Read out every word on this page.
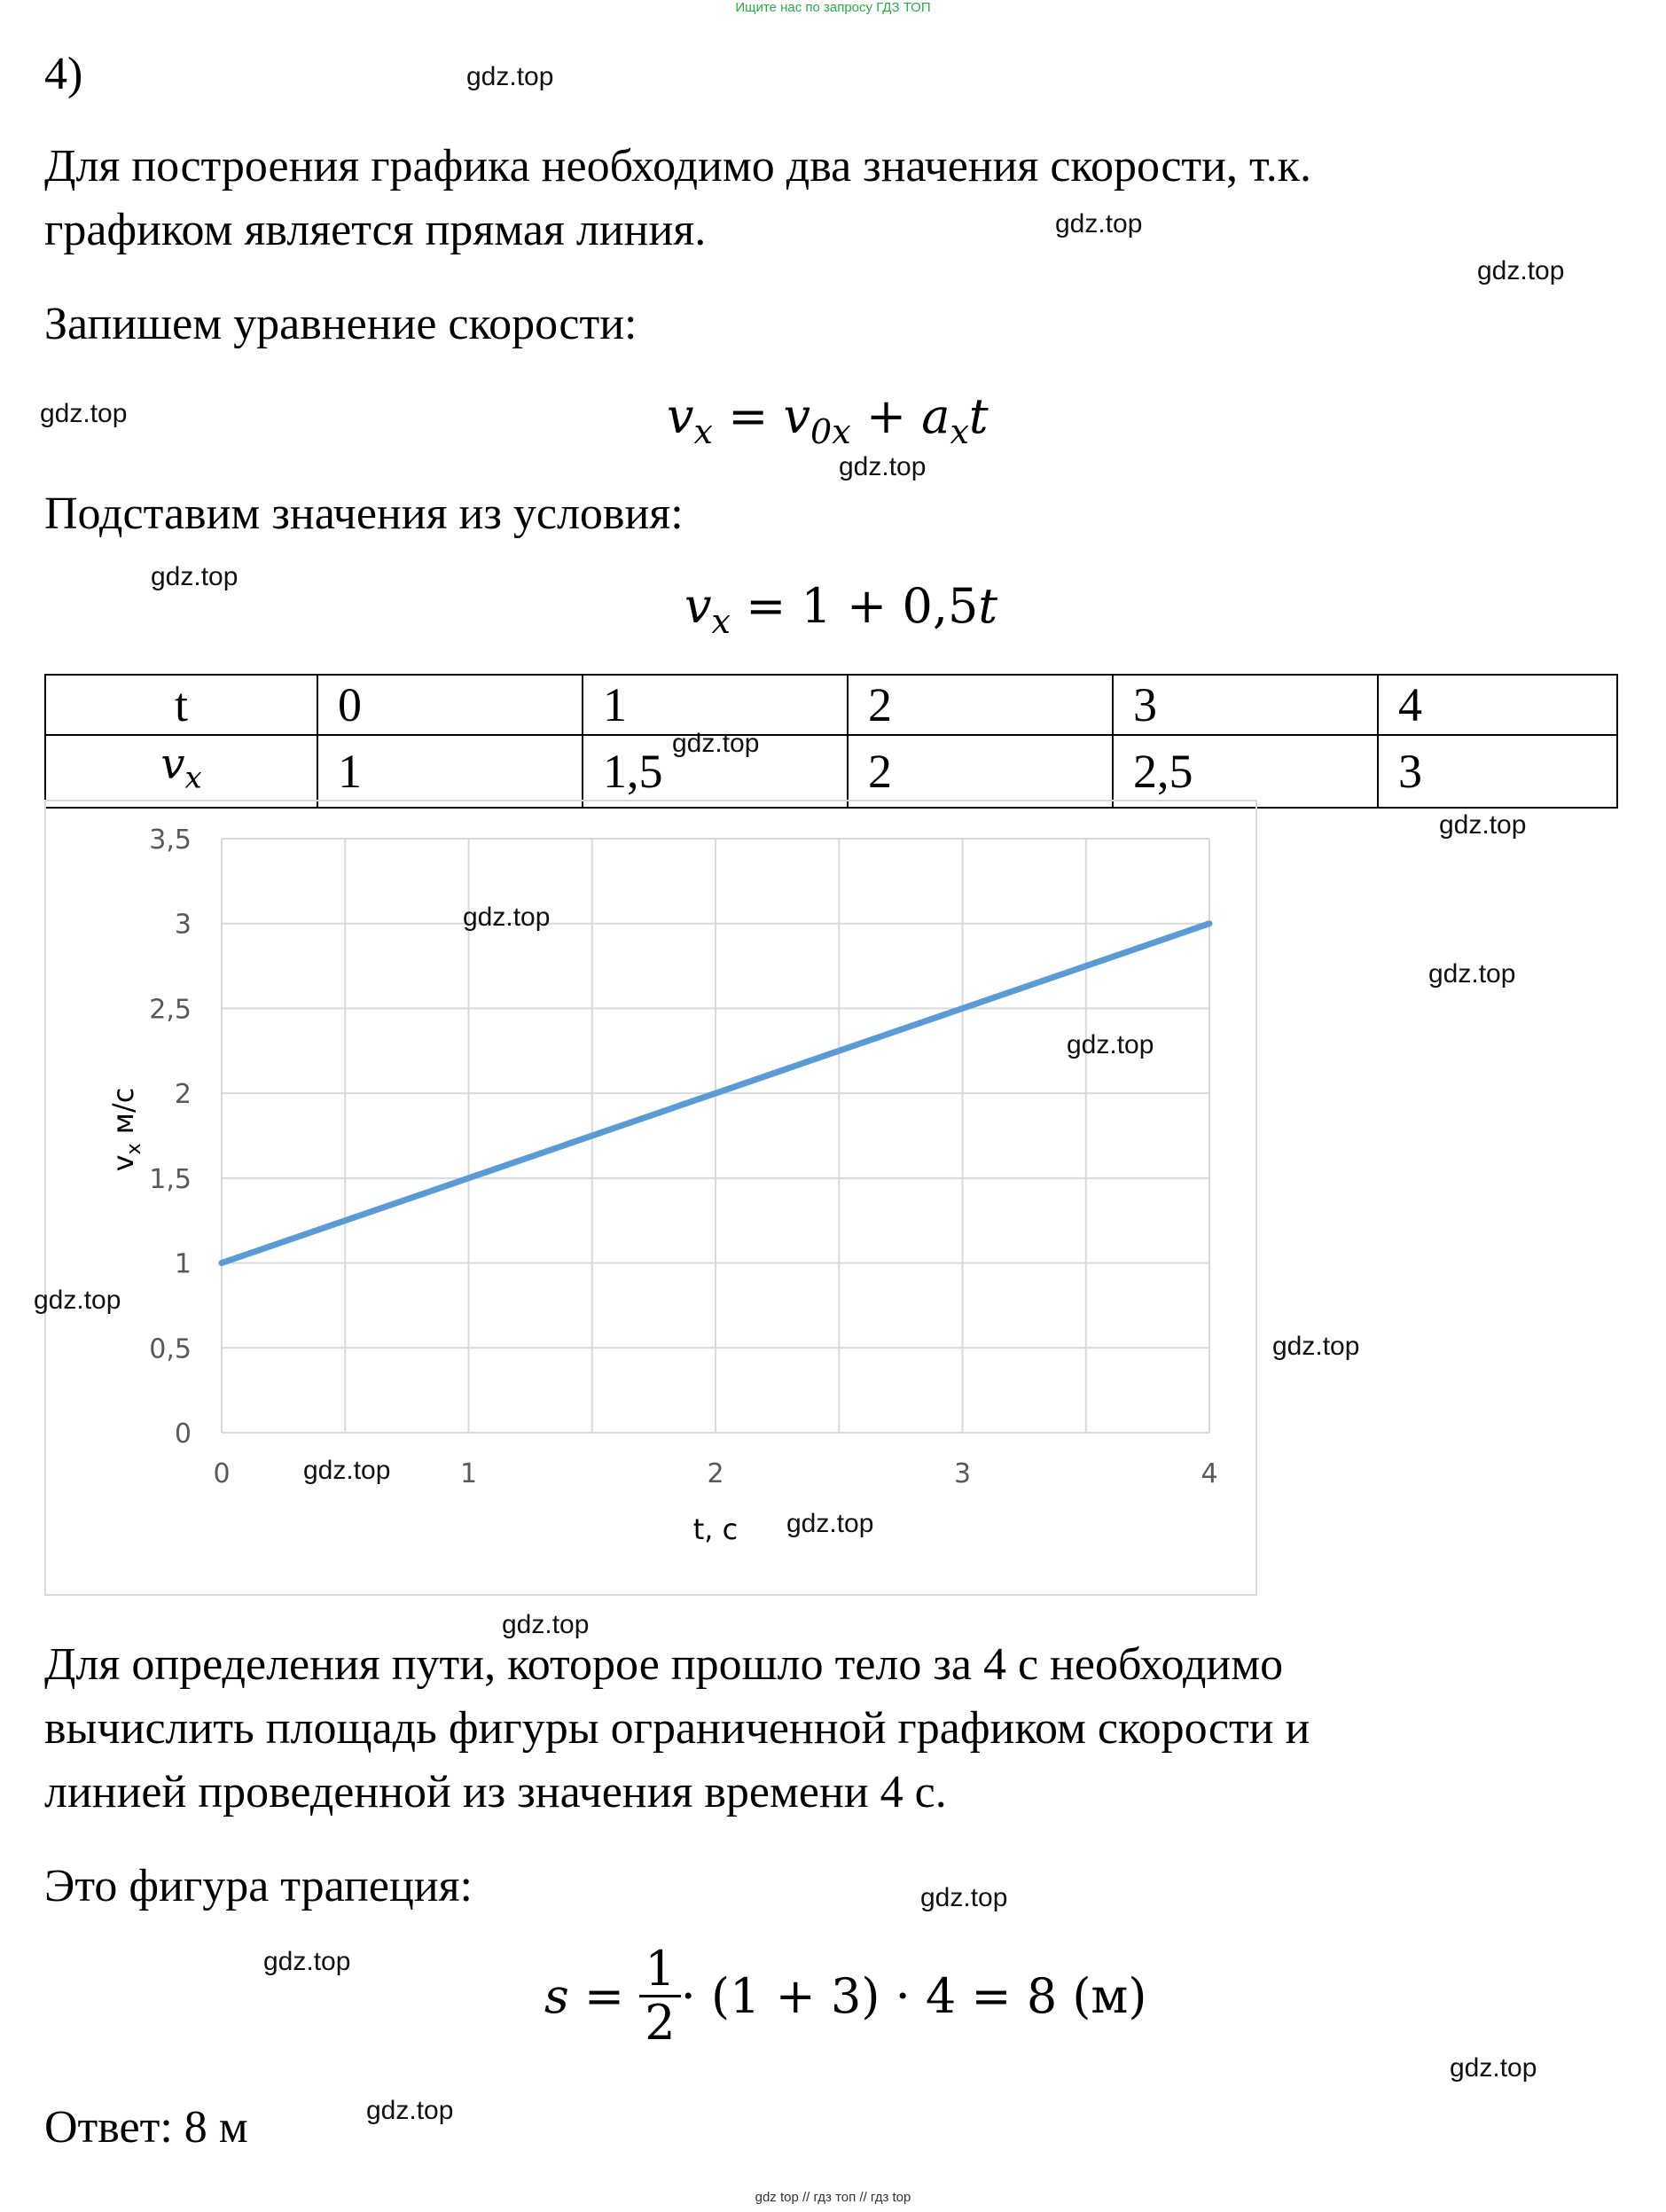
Ищите нас по запросу ГДЗ ТОП
4)
Для построения графика необходимо два значения скорости, т.к.
графиком является прямая линия.
Запишем уравнение скорости:
$v_x = v_{0x} + a_xt$
Подставим значения из условия:
$v_x = 1 + 0,5t$
t	0	1	2	3	4
$v_x$	1	1,5	2	2,5	3
0
0,5
1
1,5
2
2,5
3
3,5
0	1	2	3	4
t, с
$v_x$ м/с
Для определения пути, которое прошло тело за 4 с необходимо
вычислить площадь фигуры ограниченной графиком скорости и
линией проведенной из значения времени 4 с.
Это фигура трапеция:
$s = \frac{1}{2} \cdot (1 + 3) \cdot 4 = 8$ (м)
Ответ: 8 м
gdz.top
gdz.top
gdz.top
gdz.top
gdz.top
gdz.top
gdz.top
gdz.top
gdz.top
gdz.top
gdz.top
gdz.top
gdz.top
gdz.top
gdz.top
gdz.top
gdz.top
gdz.top
gdz.top
gdz.top
gdz top // гдз топ // гдз top
